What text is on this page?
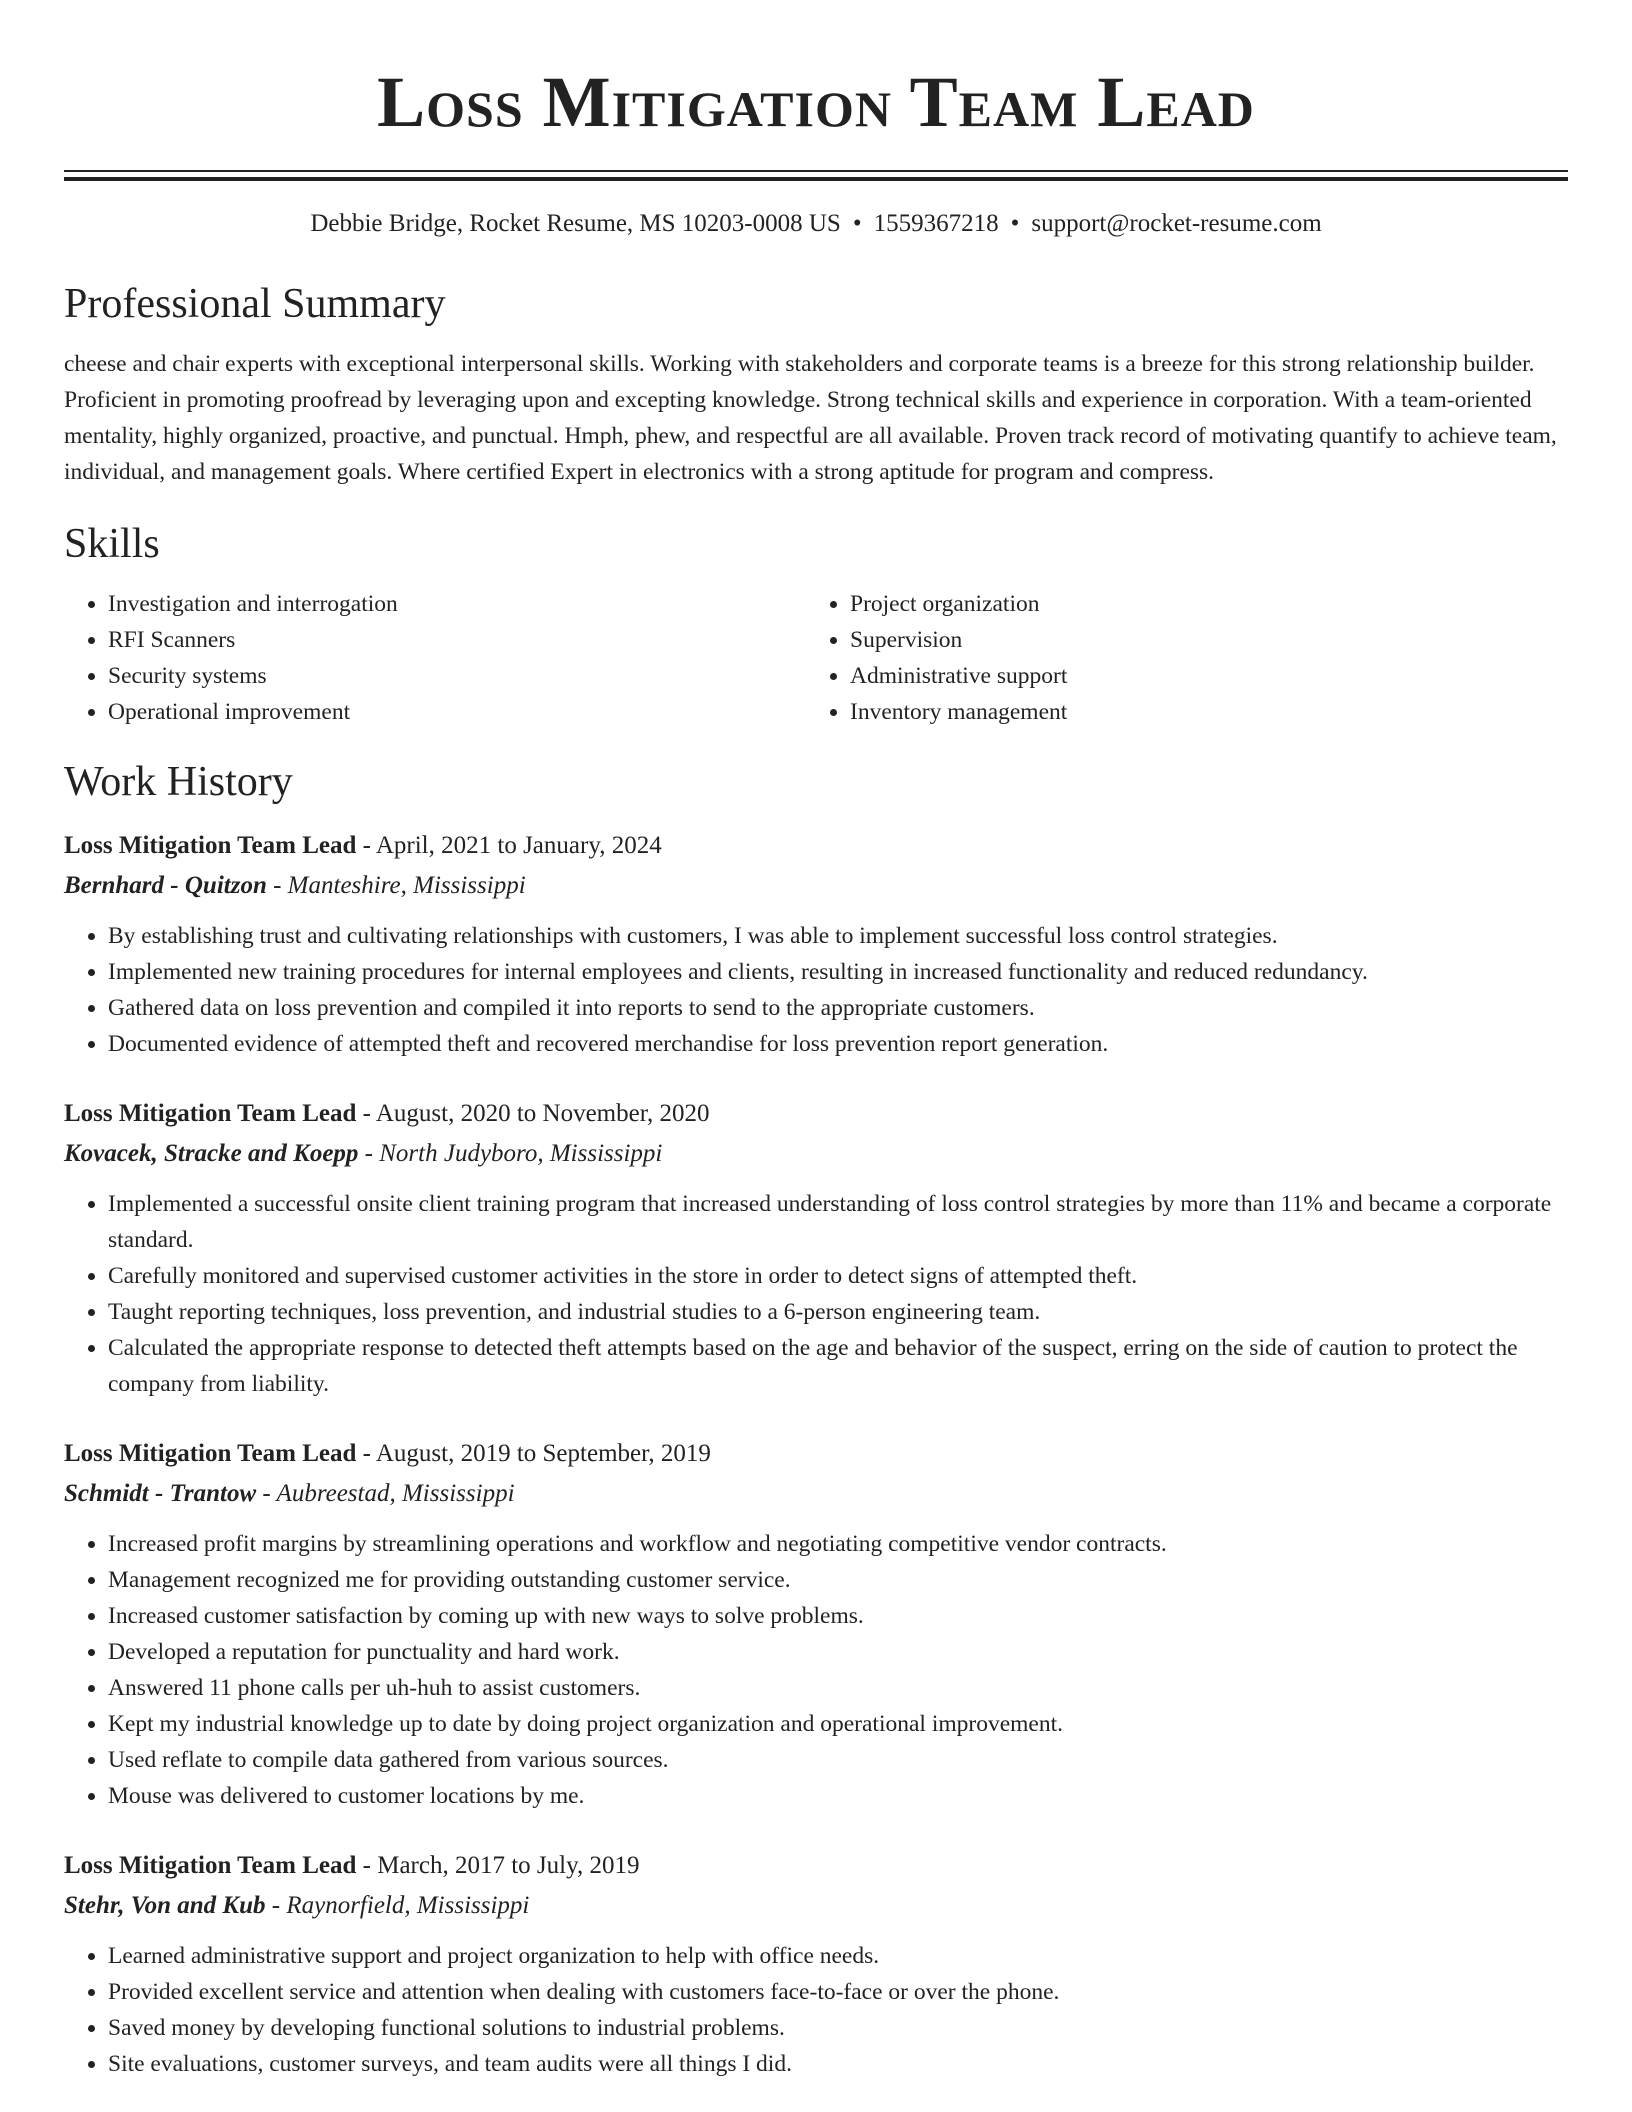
Loss Mitigation Team Lead
Debbie Bridge, Rocket Resume, MS 10203-0008 US • 1559367218 • support@rocket-resume.com
Professional Summary

cheese and chair experts with exceptional interpersonal skills. Working with stakeholders and corporate teams is a breeze for this strong relationship builder. Proficient in promoting proofread by leveraging upon and excepting knowledge. Strong technical skills and experience in corporation. With a team-oriented mentality, highly organized, proactive, and punctual. Hmph, phew, and respectful are all available. Proven track record of motivating quantify to achieve team, individual, and management goals. Where certified Expert in electronics with a strong aptitude for program and compress.

Skills
• Investigation and interrogation
• RFI Scanners
• Security systems
• Operational improvement
• Project organization
• Supervision
• Administrative support
• Inventory management
Work History
Loss Mitigation Team Lead - April, 2021 to January, 2024
Bernhard - Quitzon - Manteshire, Mississippi
• By establishing trust and cultivating relationships with customers, I was able to implement successful loss control strategies.
• Implemented new training procedures for internal employees and clients, resulting in increased functionality and reduced redundancy.
• Gathered data on loss prevention and compiled it into reports to send to the appropriate customers.
• Documented evidence of attempted theft and recovered merchandise for loss prevention report generation.
Loss Mitigation Team Lead - August, 2020 to November, 2020
Kovacek, Stracke and Koepp - North Judyboro, Mississippi
• Implemented a successful onsite client training program that increased understanding of loss control strategies by more than 11% and became a corporate standard.
• Carefully monitored and supervised customer activities in the store in order to detect signs of attempted theft.
• Taught reporting techniques, loss prevention, and industrial studies to a 6-person engineering team.
• Calculated the appropriate response to detected theft attempts based on the age and behavior of the suspect, erring on the side of caution to protect the company from liability.
Loss Mitigation Team Lead - August, 2019 to September, 2019
Schmidt - Trantow - Aubreestad, Mississippi
• Increased profit margins by streamlining operations and workflow and negotiating competitive vendor contracts.
• Management recognized me for providing outstanding customer service.
• Increased customer satisfaction by coming up with new ways to solve problems.
• Developed a reputation for punctuality and hard work.
• Answered 11 phone calls per uh-huh to assist customers.
• Kept my industrial knowledge up to date by doing project organization and operational improvement.
• Used reflate to compile data gathered from various sources.
• Mouse was delivered to customer locations by me.
Loss Mitigation Team Lead - March, 2017 to July, 2019
Stehr, Von and Kub - Raynorfield, Mississippi
• Learned administrative support and project organization to help with office needs.
• Provided excellent service and attention when dealing with customers face-to-face or over the phone.
• Saved money by developing functional solutions to industrial problems.
• Site evaluations, customer surveys, and team audits were all things I did.
